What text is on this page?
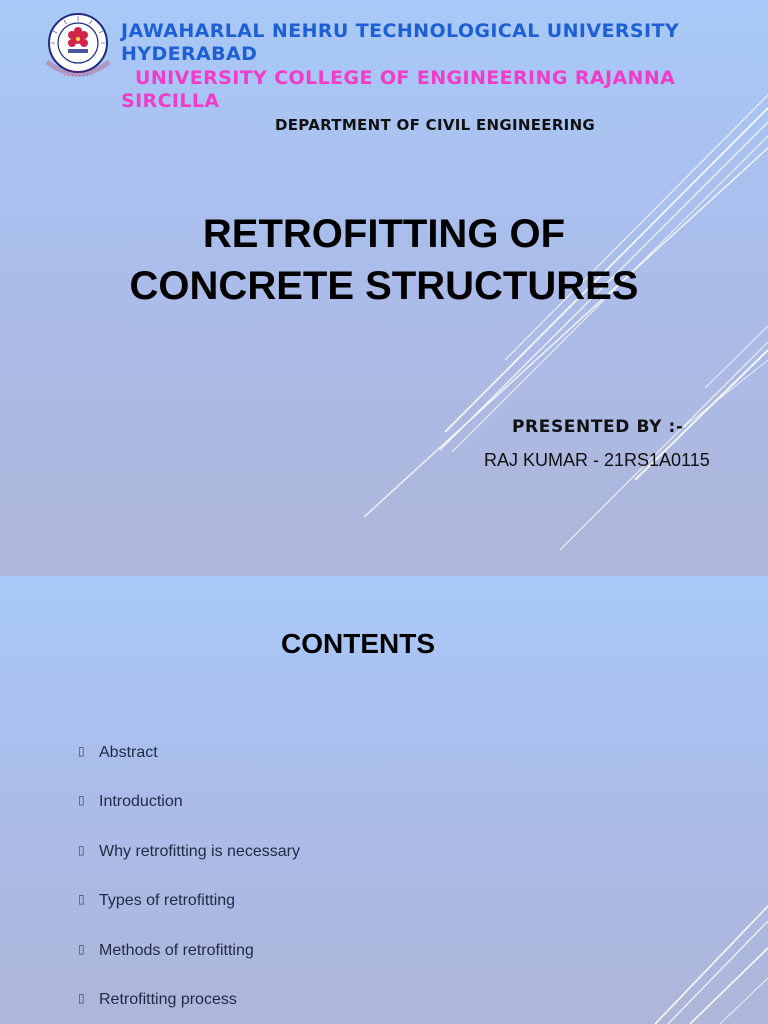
· · · · · · · ·

JAWAHARLAL NEHRU TECHNOLOGICAL UNIVERSITY HYDERABAD

UNIVERSITY COLLEGE OF ENGINEERING RAJANNA SIRCILLA

DEPARTMENT OF CIVIL ENGINEERING

RETROFITTING OF
CONCRETE STRUCTURES

PRESENTED BY :-

RAJ KUMAR - 21RS1A0115

CONTENTS
▯ Abstract
▯ Introduction
▯ Why retrofitting is necessary
▯ Types of retrofitting
▯ Methods of retrofitting
▯ Retrofitting process
